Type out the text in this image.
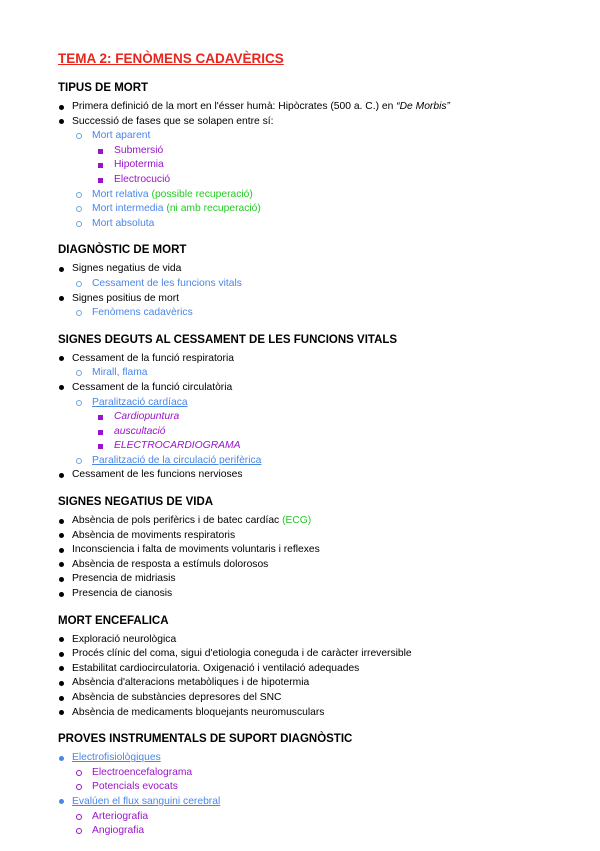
TEMA 2: FENÒMENS CADAVÈRICS
TIPUS DE MORT
Primera definició de la mort en l'ésser humà: Hipòcrates (500 a. C.) en “De Morbis”
Successió de fases que se solapen entre sí:
Mort aparent
Submersió
Hipotermia
Electrocució
Mort relativa (possible recuperació)
Mort intermedia (ni amb recuperació)
Mort absoluta
DIAGNÒSTIC DE MORT
Signes negatius de vida
Cessament de les funcions vitals
Signes positius de mort
Fenòmens cadavèrics
SIGNES DEGUTS AL CESSAMENT DE LES FUNCIONS VITALS
Cessament de la funció respiratoria
Mirall, flama
Cessament de la funció circulatòria
Paralització cardíaca
Cardiopuntura
auscultació
ELECTROCARDIOGRAMA
Paralització de la circulació perifèrica
Cessament de les funcions nervioses
SIGNES NEGATIUS DE VIDA
Absència de pols perifèrics i de batec cardíac (ECG)
Absència de moviments respiratoris
Inconsciencia i falta de moviments voluntaris i reflexes
Absència de resposta a estímuls dolorosos
Presencia de midriasis
Presencia de cianosis
MORT ENCEFALICA
Exploració neurològica
Procés clínic del coma, sigui d'etiologia coneguda i de caràcter irreversible
Estabilitat cardiocirculatoria. Oxigenació i ventilació adequades
Absència d'alteracions metabòliques i de hipotermia
Absència de substàncies depresores del SNC
Absència de medicaments bloquejants neuromusculars
PROVES INSTRUMENTALS DE SUPORT DIAGNÒSTIC
Electrofisiològiques
Electroencefalograma
Potencials evocats
Evalúen el flux sanguini cerebral
Arteriografia
Angiografia
